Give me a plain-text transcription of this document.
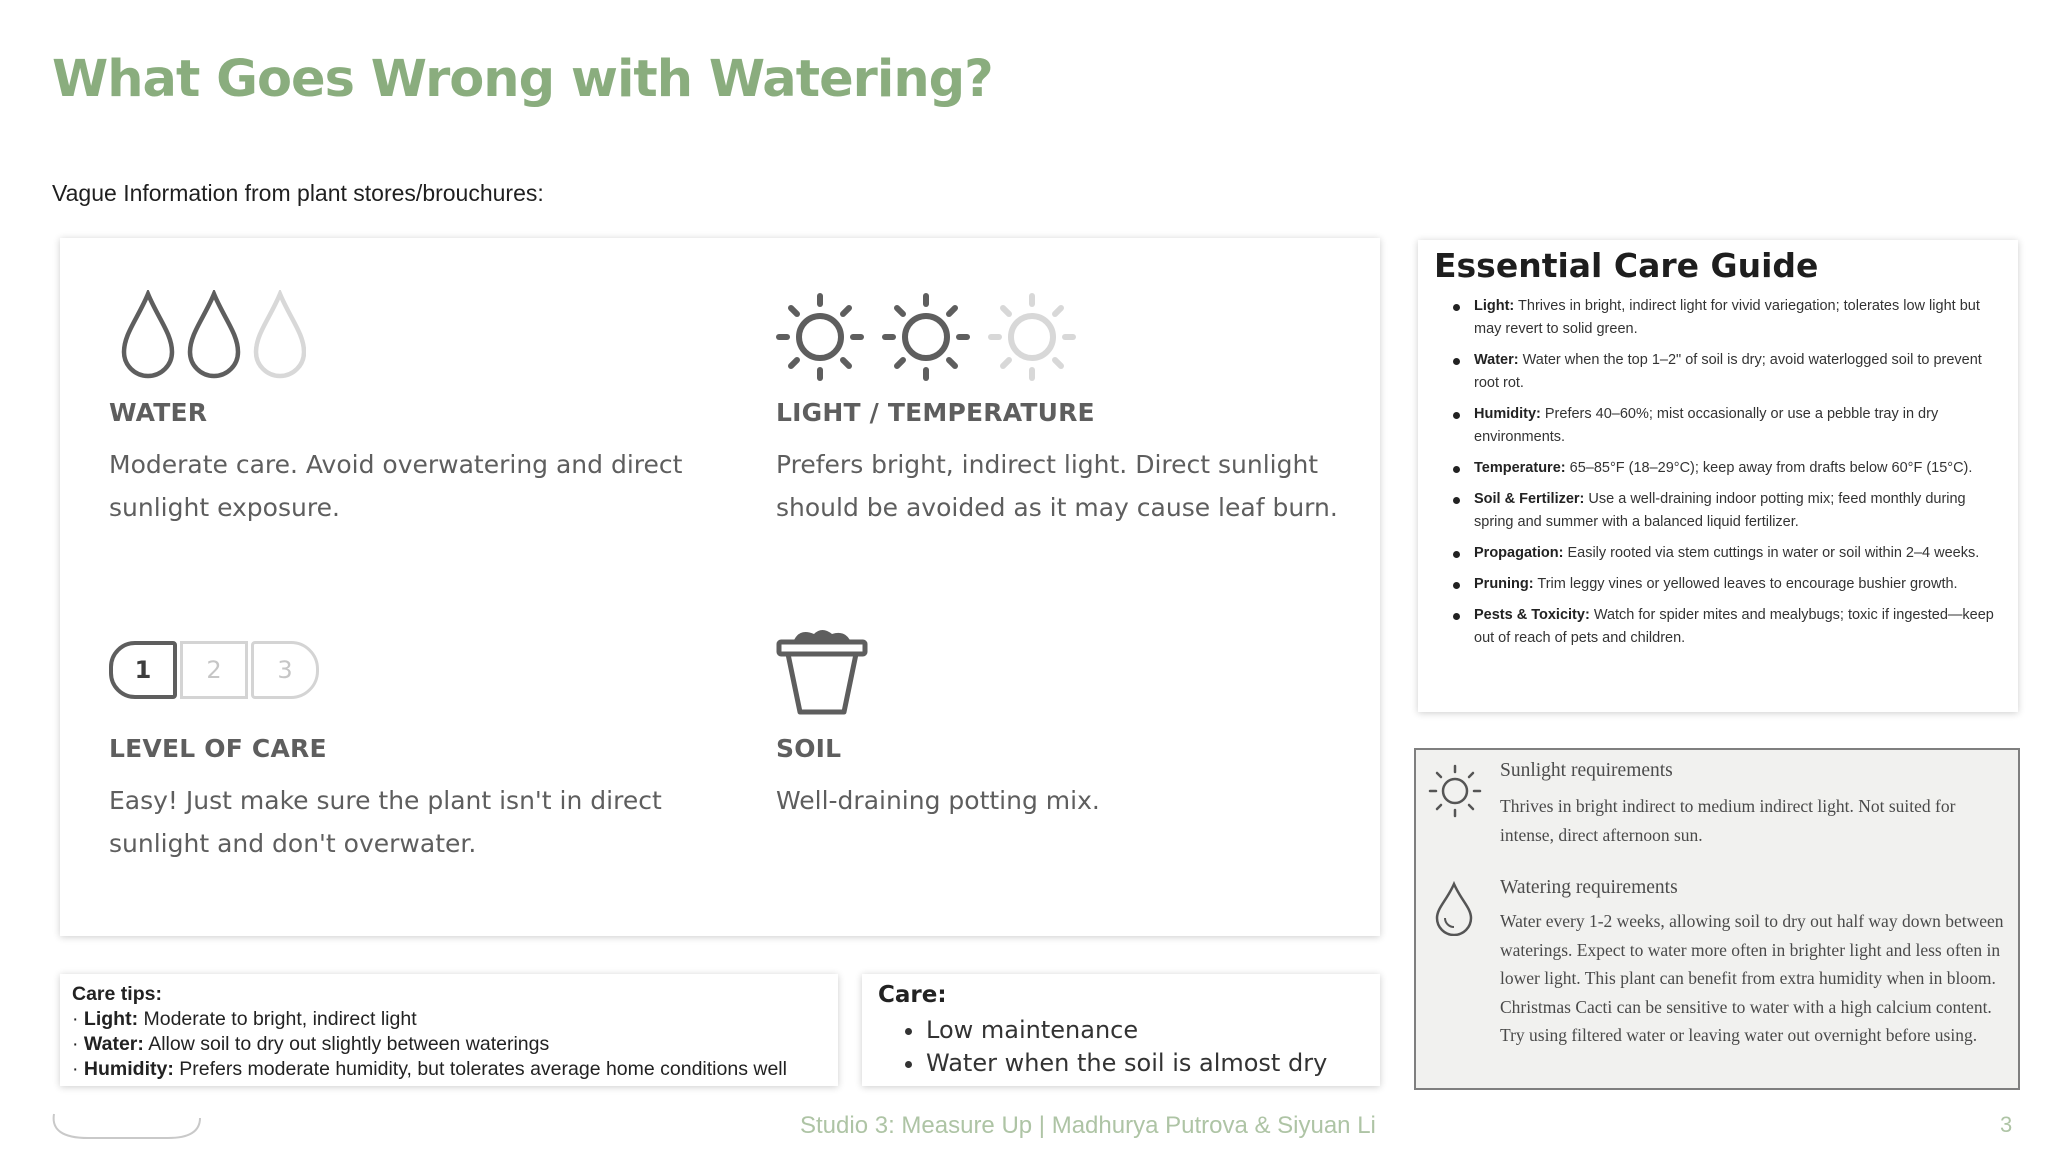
What Goes Wrong with Watering?
Vague Information from plant stores/brouchures:
WATER
Moderate care. Avoid overwatering and direct sunlight exposure.
LIGHT / TEMPERATURE
Prefers bright, indirect light. Direct sunlight should be avoided as it may cause leaf burn.
1	2	3
LEVEL OF CARE
Easy! Just make sure the plant isn't in direct sunlight and don't overwater.
SOIL
Well-draining potting mix.
Care tips:
· Light: Moderate to bright, indirect light
· Water: Allow soil to dry out slightly between waterings
· Humidity: Prefers moderate humidity, but tolerates average home conditions well
Care:
• Low maintenance
• Water when the soil is almost dry
Essential Care Guide
Light: Thrives in bright, indirect light for vivid variegation; tolerates low light but may revert to solid green.
Water: Water when the top 1–2" of soil is dry; avoid waterlogged soil to prevent root rot.
Humidity: Prefers 40–60%; mist occasionally or use a pebble tray in dry environments.
Temperature: 65–85°F (18–29°C); keep away from drafts below 60°F (15°C).
Soil & Fertilizer: Use a well-draining indoor potting mix; feed monthly during spring and summer with a balanced liquid fertilizer.
Propagation: Easily rooted via stem cuttings in water or soil within 2–4 weeks.
Pruning: Trim leggy vines or yellowed leaves to encourage bushier growth.
Pests & Toxicity: Watch for spider mites and mealybugs; toxic if ingested—keep out of reach of pets and children.
Sunlight requirements
Thrives in bright indirect to medium indirect light. Not suited for intense, direct afternoon sun.
Watering requirements
Water every 1-2 weeks, allowing soil to dry out half way down between waterings. Expect to water more often in brighter light and less often in lower light. This plant can benefit from extra humidity when in bloom. Christmas Cacti can be sensitive to water with a high calcium content. Try using filtered water or leaving water out overnight before using.
Studio 3: Measure Up | Madhurya Putrova & Siyuan Li	3
